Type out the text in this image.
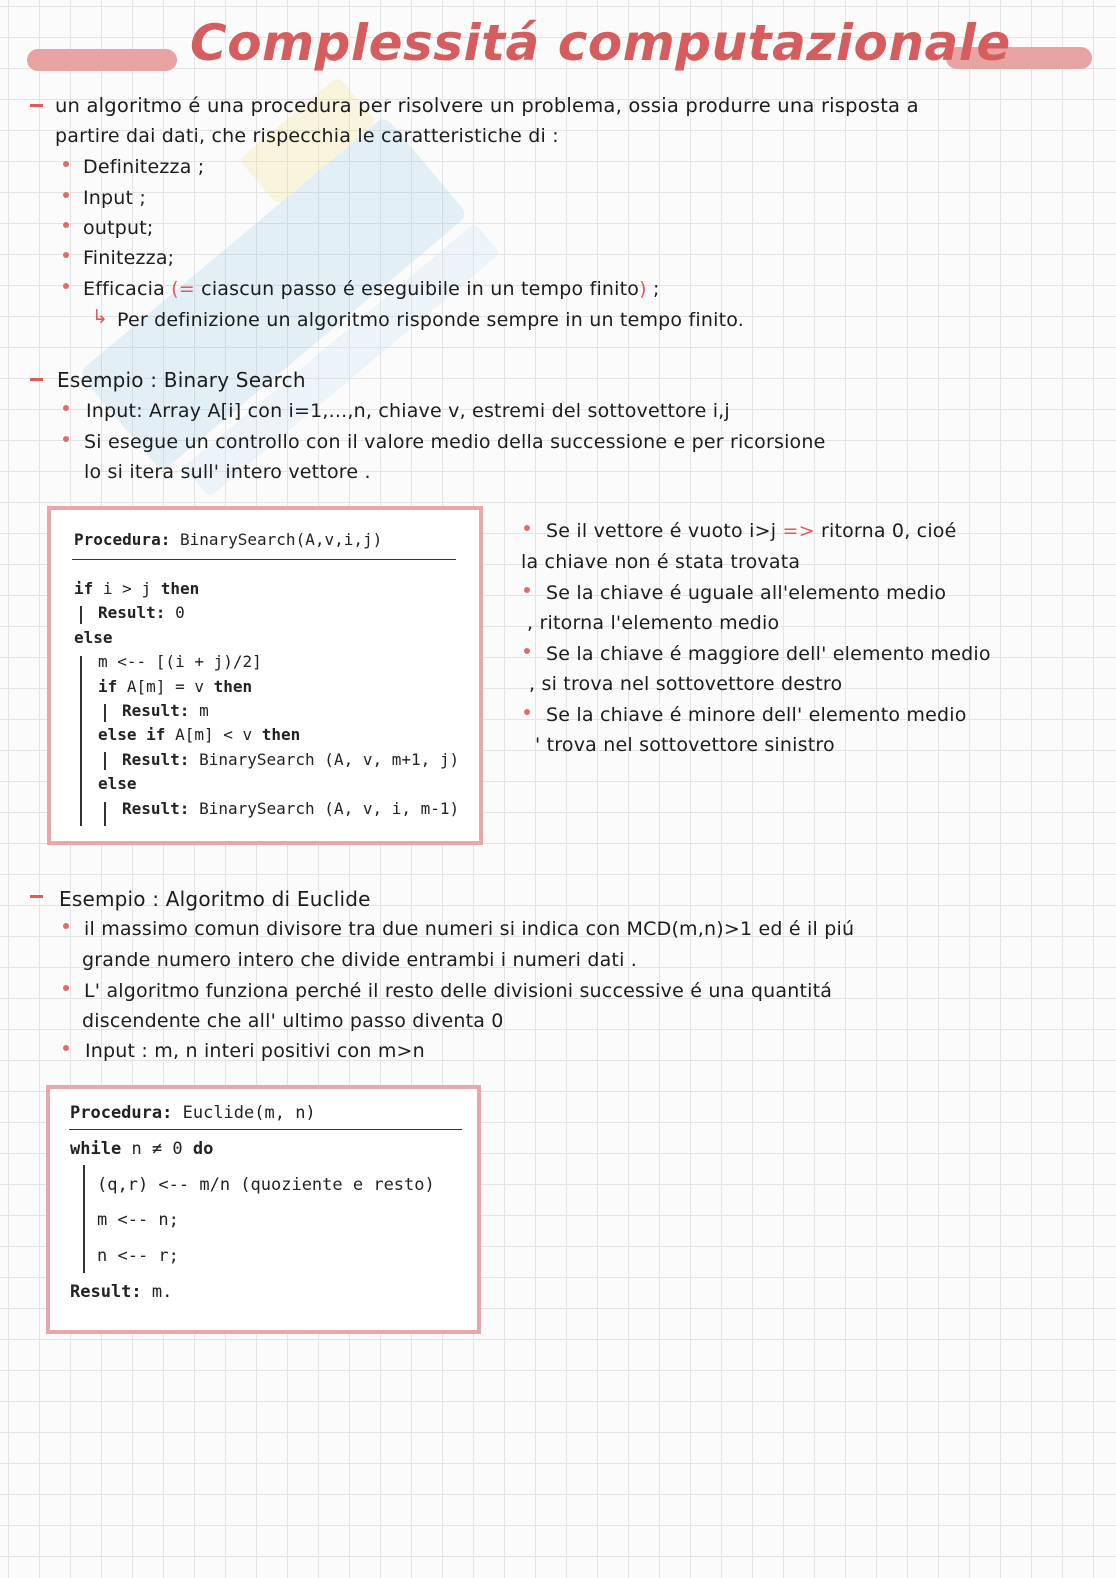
Complessitá computazionale
un algoritmo é una procedura per risolvere un problema, ossia produrre una risposta a
partire dai dati, che rispecchia le caratteristiche di :
Definitezza ;
Input ;
output;
Finitezza;
Efficacia (= ciascun passo é eseguibile in un tempo finito) ;
↳ Per definizione un algoritmo risponde sempre in un tempo finito.
Esempio : Binary Search
Input: Array A[i] con i=1,...,n, chiave v, estremi del sottovettore i,j
Si esegue un controllo con il valore medio della successione e per ricorsione
lo si itera sull' intero vettore .
Procedura: BinarySearch(A,v,i,j)
if i > j then
Result: 0
else
m <-- [(i + j)/2]
if A[m] = v then
Result: m
else if A[m] < v then
Result: BinarySearch (A, v, m+1, j)
else
Result: BinarySearch (A, v, i, m-1)
Se il vettore é vuoto i>j => ritorna 0, cioé
la chiave non é stata trovata
Se la chiave é uguale all'elemento medio
, ritorna l'elemento medio
Se la chiave é maggiore dell' elemento medio
, si trova nel sottovettore destro
Se la chiave é minore dell' elemento medio
' trova nel sottovettore sinistro
Esempio : Algoritmo di Euclide
il massimo comun divisore tra due numeri si indica con MCD(m,n)>1 ed é il piú
grande numero intero che divide entrambi i numeri dati .
L' algoritmo funziona perché il resto delle divisioni successive é una quantitá
discendente che all' ultimo passo diventa 0
Input : m, n interi positivi con m>n
Procedura: Euclide(m, n)
while n ≠ 0 do
(q,r) <-- m/n (quoziente e resto)
m <-- n;
n <-- r;
Result: m.
